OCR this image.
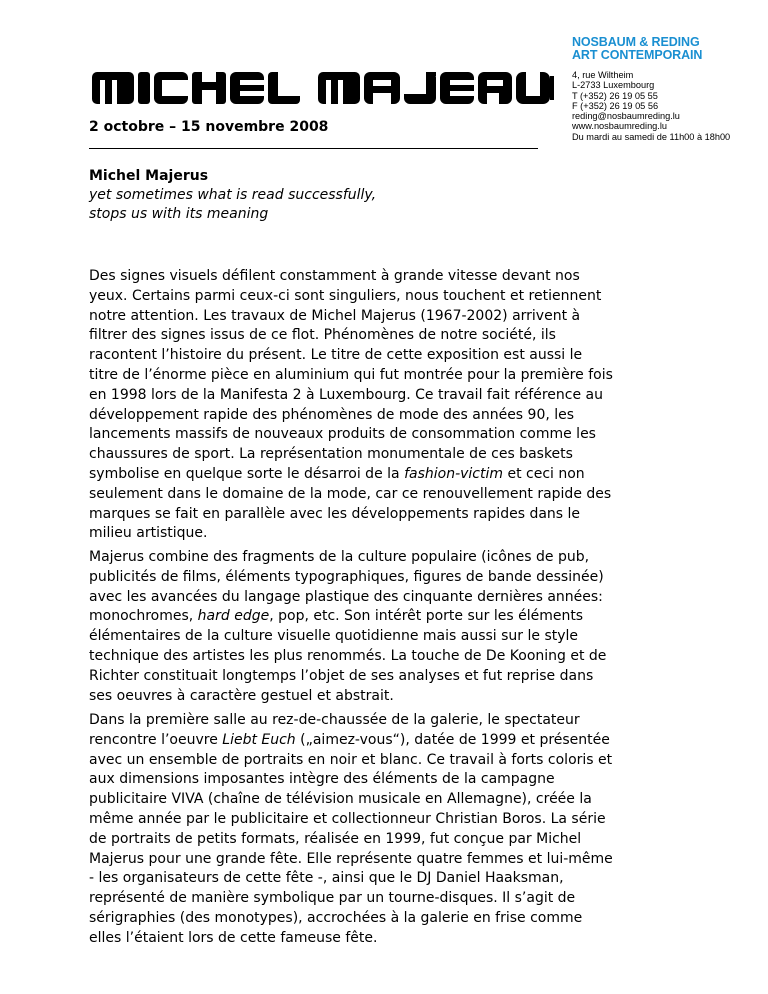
NOSBAUM & REDING
ART CONTEMPORAIN
4, rue Wiltheim
L-2733 Luxembourg
T (+352) 26 19 05 55
F (+352) 26 19 05 56
reding@nosbaumreding.lu
www.nosbaumreding.lu
Du mardi au samedi de 11h00 à 18h00
2 octobre – 15 novembre 2008
Michel Majerus
yet sometimes what is read successfully,
stops us with its meaning
Des signes visuels défilent constamment à grande vitesse devant nos
yeux. Certains parmi ceux-ci sont singuliers, nous touchent et retiennent
notre attention. Les travaux de Michel Majerus (1967-2002) arrivent à
filtrer des signes issus de ce flot. Phénomènes de notre société, ils
racontent l’histoire du présent. Le titre de cette exposition est aussi le
titre de l’énorme pièce en aluminium qui fut montrée pour la première fois
en 1998 lors de la Manifesta 2 à Luxembourg. Ce travail fait référence au
développement rapide des phénomènes de mode des années 90, les
lancements massifs de nouveaux produits de consommation comme les
chaussures de sport. La représentation monumentale de ces baskets
symbolise en quelque sorte le désarroi de la fashion-victim et ceci non
seulement dans le domaine de la mode, car ce renouvellement rapide des
marques se fait en parallèle avec les développements rapides dans le
milieu artistique.
Majerus combine des fragments de la culture populaire (icônes de pub,
publicités de films, éléments typographiques, figures de bande dessinée)
avec les avancées du langage plastique des cinquante dernières années:
monochromes, hard edge, pop, etc. Son intérêt porte sur les éléments
élémentaires de la culture visuelle quotidienne mais aussi sur le style
technique des artistes les plus renommés. La touche de De Kooning et de
Richter constituait longtemps l’objet de ses analyses et fut reprise dans
ses oeuvres à caractère gestuel et abstrait.
Dans la première salle au rez-de-chaussée de la galerie, le spectateur
rencontre l’oeuvre Liebt Euch („aimez-vous“), datée de 1999 et présentée
avec un ensemble de portraits en noir et blanc. Ce travail à forts coloris et
aux dimensions imposantes intègre des éléments de la campagne
publicitaire VIVA (chaîne de télévision musicale en Allemagne), créée la
même année par le publicitaire et collectionneur Christian Boros. La série
de portraits de petits formats, réalisée en 1999, fut conçue par Michel
Majerus pour une grande fête. Elle représente quatre femmes et lui-même
- les organisateurs de cette fête -, ainsi que le DJ Daniel Haaksman,
représenté de manière symbolique par un tourne-disques. Il s’agit de
sérigraphies (des monotypes), accrochées à la galerie en frise comme
elles l’étaient lors de cette fameuse fête.
